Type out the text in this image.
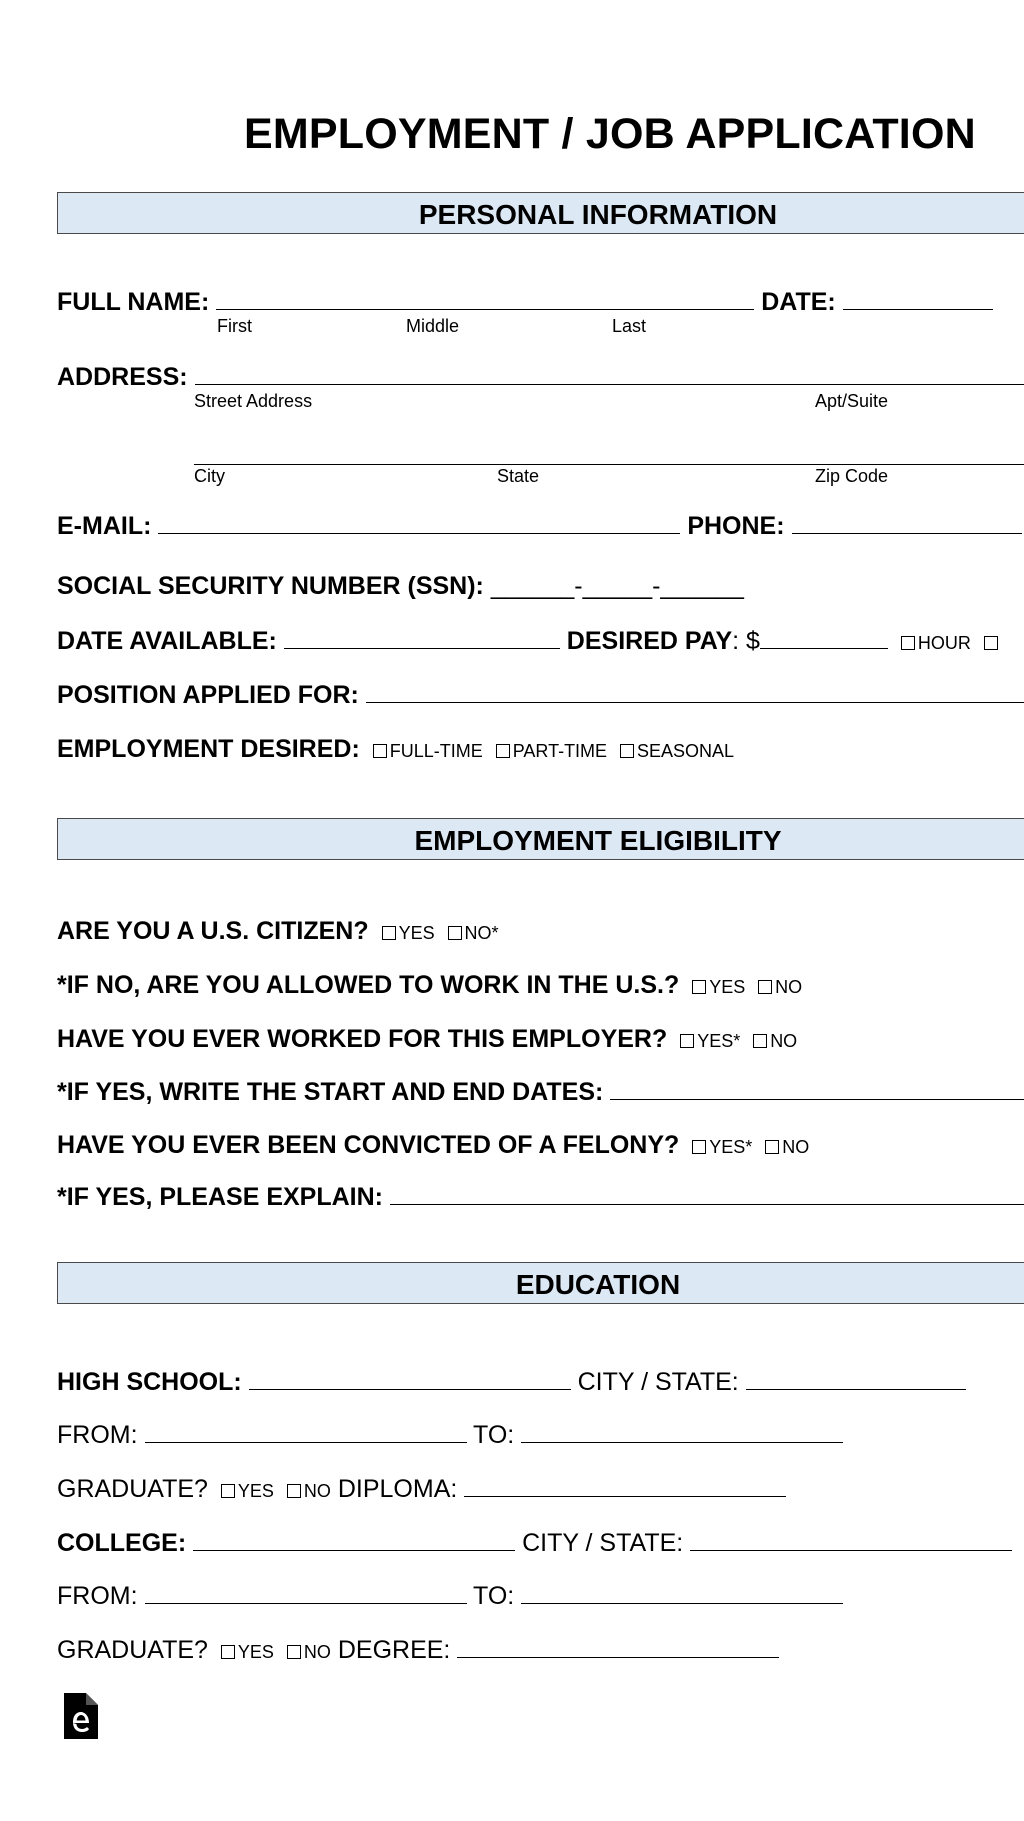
EMPLOYMENT / JOB APPLICATION
PERSONAL INFORMATION
FULL NAME:	DATE:
First	Middle	Last
ADDRESS:
Street Address	Apt/Suite
City	State	Zip Code
E-MAIL:	PHONE:
SOCIAL SECURITY NUMBER (SSN): ______-_____-______
DATE AVAILABLE:	DESIRED PAY: $	HOUR
POSITION APPLIED FOR:
EMPLOYMENT DESIRED: FULL-TIME PART-TIME SEASONAL
EMPLOYMENT ELIGIBILITY
ARE YOU A U.S. CITIZEN? YES NO*
*IF NO, ARE YOU ALLOWED TO WORK IN THE U.S.? YES NO
HAVE YOU EVER WORKED FOR THIS EMPLOYER? YES* NO
*IF YES, WRITE THE START AND END DATES:
HAVE YOU EVER BEEN CONVICTED OF A FELONY? YES* NO
*IF YES, PLEASE EXPLAIN:
EDUCATION
HIGH SCHOOL:	CITY / STATE:
FROM:	TO:
GRADUATE? YES NO DIPLOMA:
COLLEGE:	CITY / STATE:
FROM:	TO:
GRADUATE? YES NO DEGREE:
